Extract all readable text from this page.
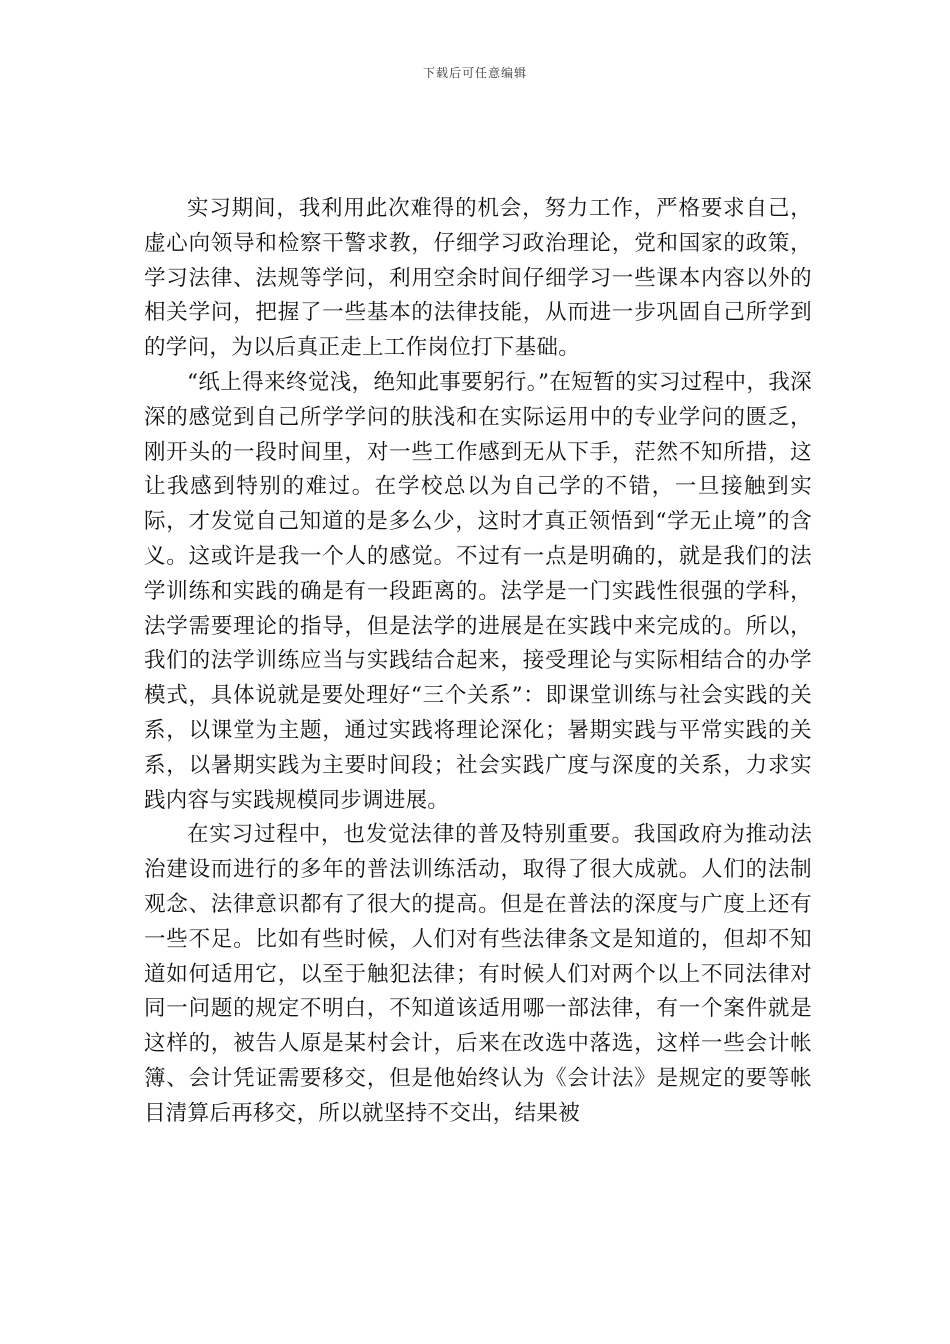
下载后可任意编辑

实习期间，我利用此次难得的机会，努力工作，严格要求自己，虚心向领导和检察干警求教，仔细学习政治理论，党和国家的政策，学习法律、法规等学问，利用空余时间仔细学习一些课本内容以外的相关学问，把握了一些基本的法律技能，从而进一步巩固自己所学到的学问，为以后真正走上工作岗位打下基础。

“纸上得来终觉浅，绝知此事要躬行。”在短暂的实习过程中，我深深的感觉到自己所学学问的肤浅和在实际运用中的专业学问的匮乏，刚开头的一段时间里，对一些工作感到无从下手，茫然不知所措，这让我感到特别的难过。在学校总以为自己学的不错，一旦接触到实际，才发觉自己知道的是多么少，这时才真正领悟到“学无止境”的含义。这或许是我一个人的感觉。不过有一点是明确的，就是我们的法学训练和实践的确是有一段距离的。法学是一门实践性很强的学科，法学需要理论的指导，但是法学的进展是在实践中来完成的。所以，我们的法学训练应当与实践结合起来，接受理论与实际相结合的办学模式，具体说就是要处理好“三个关系”：即课堂训练与社会实践的关系，以课堂为主题，通过实践将理论深化；暑期实践与平常实践的关系，以暑期实践为主要时间段；社会实践广度与深度的关系，力求实践内容与实践规模同步调进展。

在实习过程中，也发觉法律的普及特别重要。我国政府为推动法治建设而进行的多年的普法训练活动，取得了很大成就。人们的法制观念、法律意识都有了很大的提高。但是在普法的深度与广度上还有一些不足。比如有些时候，人们对有些法律条文是知道的，但却不知道如何适用它，以至于触犯法律；有时候人们对两个以上不同法律对同一问题的规定不明白，不知道该适用哪一部法律，有一个案件就是这样的，被告人原是某村会计，后来在改选中落选，这样一些会计帐簿、会计凭证需要移交，但是他始终认为《会计法》是规定的要等帐目清算后再移交，所以就坚持不交出，结果被
